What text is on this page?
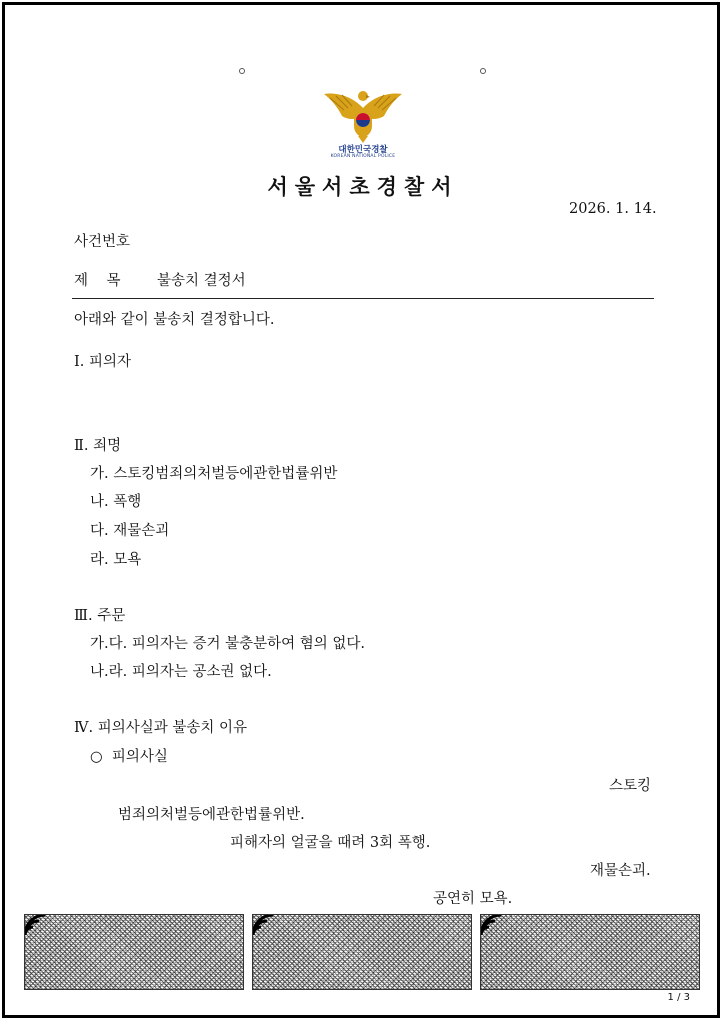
대한민국경찰
KOREAN NATIONAL POLICE
서울서초경찰서
2026. 1. 14.
사건번호
제    목	불송치 결정서
아래와 같이 불송치 결정합니다.
Ⅰ. 피의자
Ⅱ. 죄명
가. 스토킹범죄의처벌등에관한법률위반
나. 폭행
다. 재물손괴
라. 모욕
Ⅲ. 주문
가.다. 피의자는 증거 불충분하여 혐의 없다.
나.라. 피의자는 공소권 없다.
Ⅳ. 피의사실과 불송치 이유
○  피의사실
스토킹
범죄의처벌등에관한법률위반.
피해자의 얼굴을 때려 3회 폭행.
재물손괴.
공연히 모욕.
1 / 3
